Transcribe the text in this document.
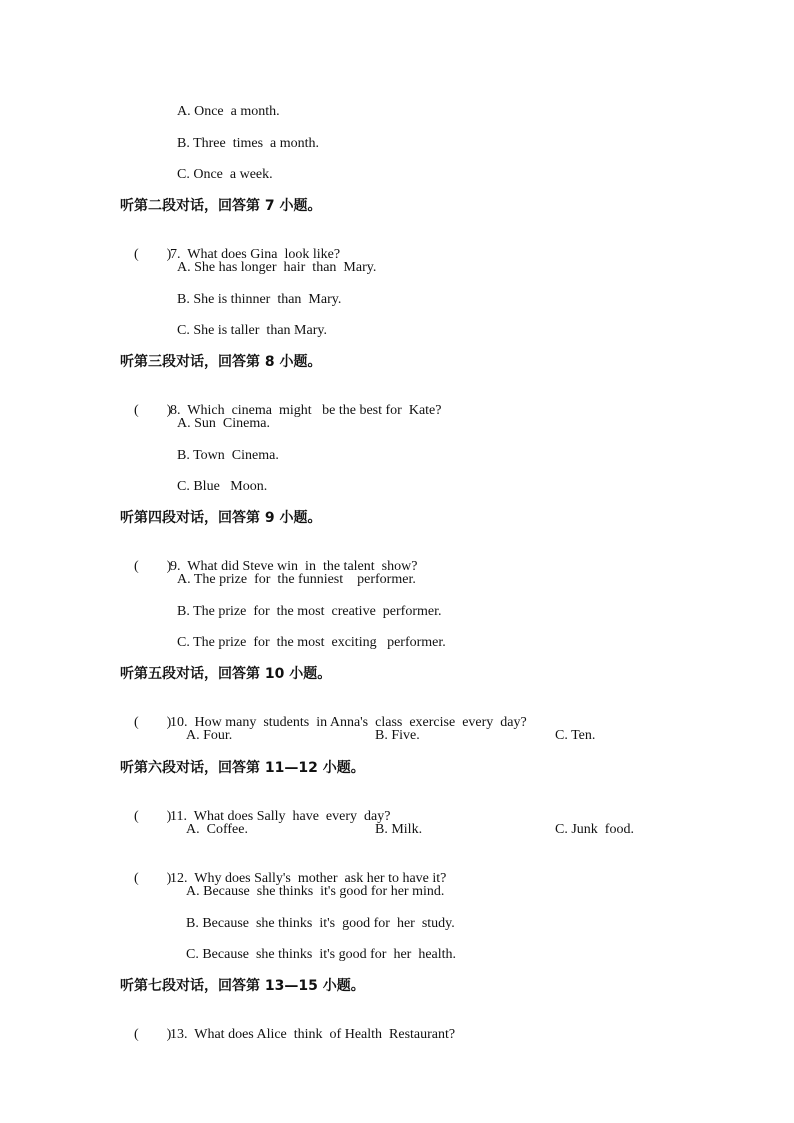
A. Once  a month.
B. Three  times  a month.
C. Once  a week.
听第二段对话，回答第 7 小题。

(        )7.  What does Gina  look like?

A. She has longer  hair  than  Mary.
B. She is thinner  than  Mary.
C. She is taller  than Mary.
听第三段对话，回答第 8 小题。

(        )8.  Which  cinema  might   be the best for  Kate?

A. Sun  Cinema.
B. Town  Cinema.
C. Blue   Moon.
听第四段对话，回答第 9 小题。

(        )9.  What did Steve win  in  the talent  show?

A. The prize  for  the funniest    performer.
B. The prize  for  the most  creative  performer.
C. The prize  for  the most  exciting   performer.
听第五段对话，回答第 10 小题。

(        )10.  How many  students  in Anna's  class  exercise  every  day?

A. Four.	B. Five.	C. Ten.
听第六段对话，回答第 11—12 小题。

(        )11.  What does Sally  have  every  day?

A.  Coffee.	B. Milk.	C. Junk  food.

(        )12.  Why does Sally's  mother  ask her to have it?

A. Because  she thinks  it's good for her mind.
B. Because  she thinks  it's  good for  her  study.
C. Because  she thinks  it's good for  her  health.
听第七段对话，回答第 13—15 小题。

(        )13.  What does Alice  think  of Health  Restaurant?
